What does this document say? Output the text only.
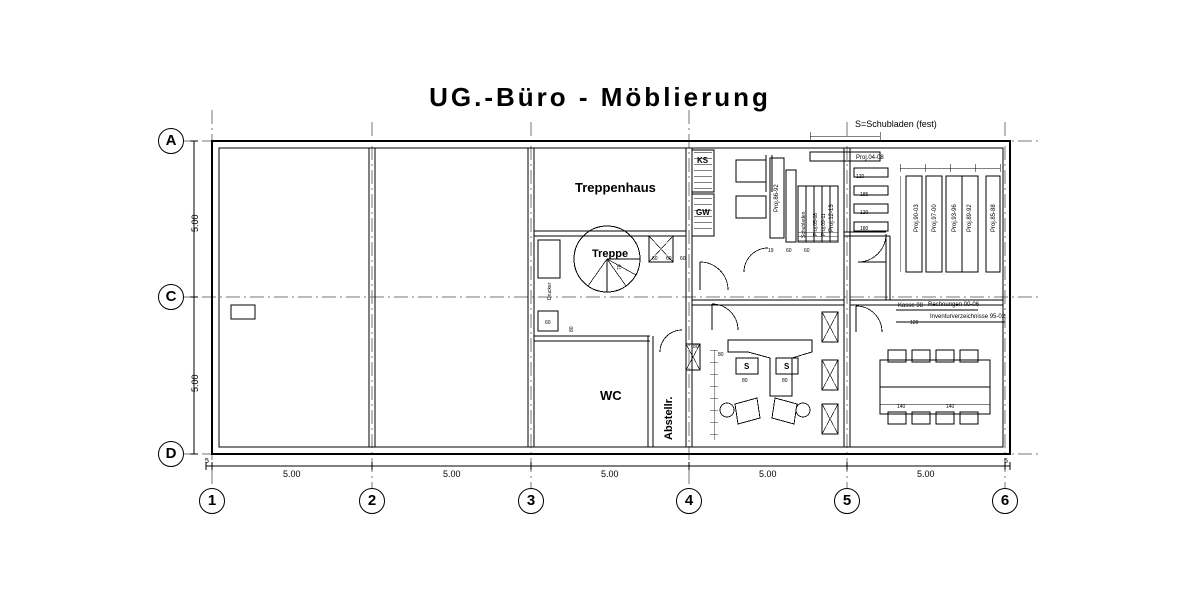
UG.-Büro - Möblierung
S=Schubladen (fest)
A
C
D
1	2	3	4	5	6
5.00	5.00	5.00	5.00	5.00
5	5
5.00
5.00
Treppenhaus
Treppe
WC
Abstellr.
KS
GW
Proj.04-08
Proj.86-92
Proj.12-13
Schubladen Proj.05-08 Proj.09-11	Proj.90-03 Proj.97-00 Proj.93-96 Proj.89-92	Proj.85-88
Kasse 98 Rechnungen 00-06
Inventurverzeichnisse 95-02
Drucker
S	S
19 60 60
120
185
120
180
140	140
120
80	80
60 60 60
60
80
70
80
80
